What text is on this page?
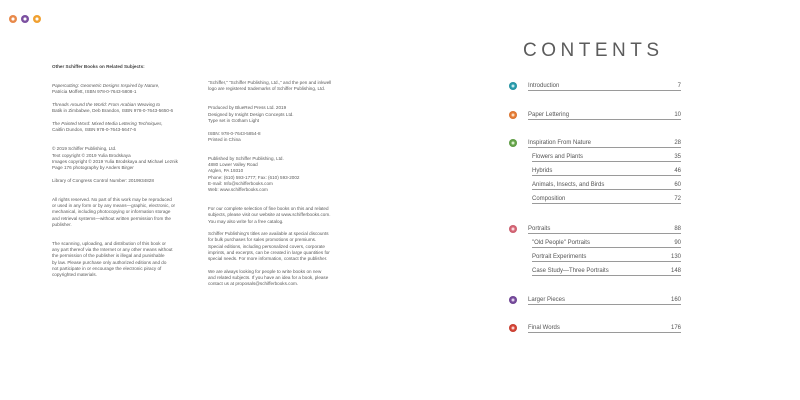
Other Schiffer Books on Related Subjects:

Papercutting: Geometric Designs Inspired by Nature,

Patricia Moffett, ISBN 978-0-7643-5808-1

Threads Around the World: From Arabian Weaving to

Batik in Zimbabwe, Deb Brandon, ISBN 978-0-7643-5650-6

The Painted Word: Mixed Media Lettering Techniques,

Caitlin Dundon, ISBN 978-0-7643-5647-6

© 2019 Schiffer Publishing, Ltd.

Text copyright © 2019 Yulia Brodskaya

Images copyright © 2019 Yulia Brodskaya and Michael Leznik

Page 176 photography by Anders Birger

Library of Congress Control Number: 2019934828

All rights reserved. No part of this work may be reproduced

or used in any form or by any means—graphic, electronic, or

mechanical, including photocopying or information storage

and retrieval systems—without written permission from the

publisher.

The scanning, uploading, and distribution of this book or

any part thereof via the Internet or any other means without

the permission of the publisher is illegal and punishable

by law. Please purchase only authorized editions and do

not participate in or encourage the electronic piracy of

copyrighted materials.

"Schiffer," "Schiffer Publishing, Ltd.," and the pen and inkwell

logo are registered trademarks of Schiffer Publishing, Ltd.

Produced by BlueRed Press Ltd. 2019

Designed by Insight Design Concepts Ltd.

Type set in Gotham Light

ISBN: 978-0-7643-5854-8

Printed in China

Published by Schiffer Publishing, Ltd.

4880 Lower Valley Road

Atglen, PA 19310

Phone: (610) 593-1777; Fax: (610) 593-2002

E-mail: Info@schifferbooks.com

Web: www.schifferbooks.com

For our complete selection of fine books on this and related

subjects, please visit our website at www.schifferbooks.com.

You may also write for a free catalog.

Schiffer Publishing's titles are available at special discounts

for bulk purchases for sales promotions or premiums.

Special editions, including personalized covers, corporate

imprints, and excerpts, can be created in large quantities for

special needs. For more information, contact the publisher.

We are always looking for people to write books on new

and related subjects. If you have an idea for a book, please

contact us at proposals@schifferbooks.com.

CONTENTS
Introduction	7
Paper Lettering	10
Inspiration From Nature	28
Flowers and Plants	35
Hybrids	46
Animals, Insects, and Birds	60
Composition	72
Portraits	88
"Old People" Portraits	90
Portrait Experiments	130
Case Study—Three Portraits	148
Larger Pieces	160
Final Words	176
